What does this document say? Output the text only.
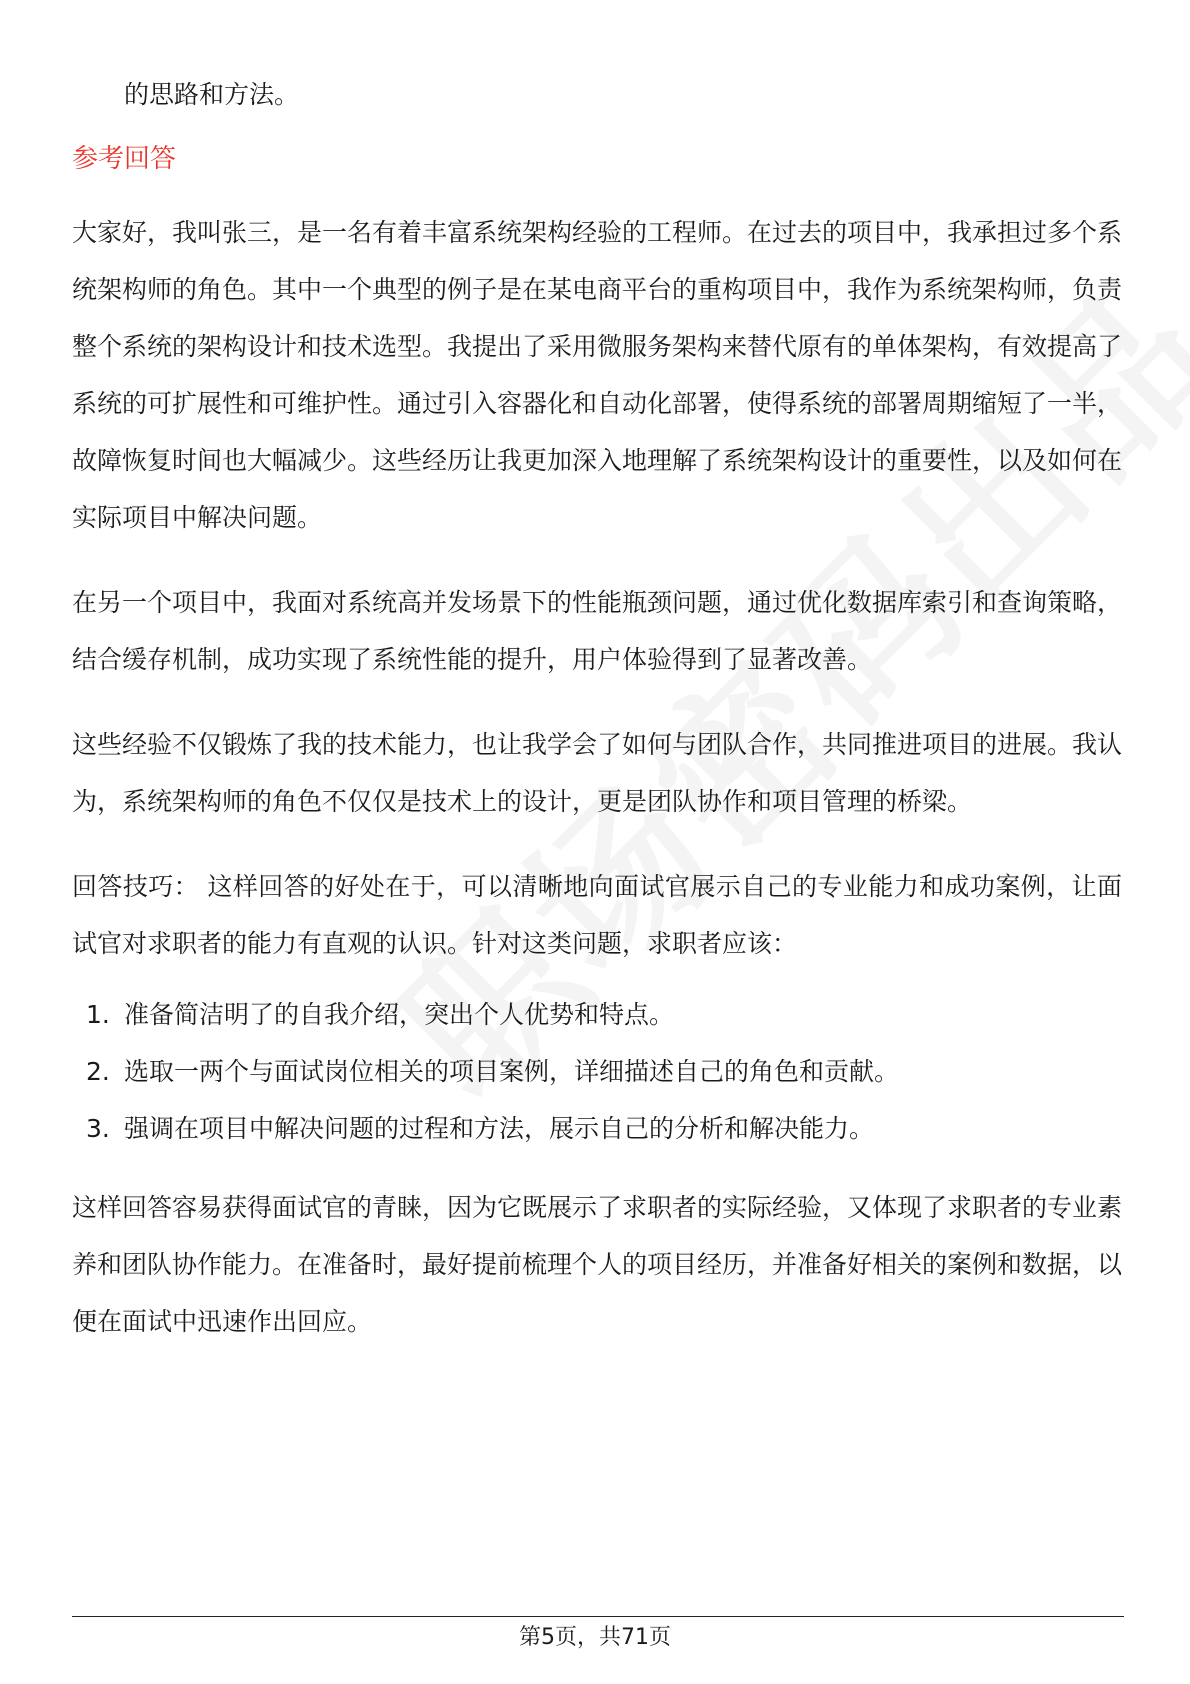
的思路和方法。
参考回答

大家好，我叫张三，是一名有着丰富系统架构经验的工程师。在过去的项目中，我承担过多个系统架构师的角色。其中一个典型的例子是在某电商平台的重构项目中，我作为系统架构师，负责整个系统的架构设计和技术选型。我提出了采用微服务架构来替代原有的单体架构，有效提高了系统的可扩展性和可维护性。通过引入容器化和自动化部署，使得系统的部署周期缩短了一半，故障恢复时间也大幅减少。这些经历让我更加深入地理解了系统架构设计的重要性，以及如何在实际项目中解决问题。

在另一个项目中，我面对系统高并发场景下的性能瓶颈问题，通过优化数据库索引和查询策略，结合缓存机制，成功实现了系统性能的提升，用户体验得到了显著改善。

这些经验不仅锻炼了我的技术能力，也让我学会了如何与团队合作，共同推进项目的进展。我认为，系统架构师的角色不仅仅是技术上的设计，更是团队协作和项目管理的桥梁。

回答技巧： 这样回答的好处在于，可以清晰地向面试官展示自己的专业能力和成功案例，让面试官对求职者的能力有直观的认识。针对这类问题，求职者应该：

1. 准备简洁明了的自我介绍，突出个人优势和特点。
2. 选取一两个与面试岗位相关的项目案例，详细描述自己的角色和贡献。
3. 强调在项目中解决问题的过程和方法，展示自己的分析和解决能力。

这样回答容易获得面试官的青睐，因为它既展示了求职者的实际经验，又体现了求职者的专业素养和团队协作能力。在准备时，最好提前梳理个人的项目经历，并准备好相关的案例和数据，以便在面试中迅速作出回应。

第5页，共71页
